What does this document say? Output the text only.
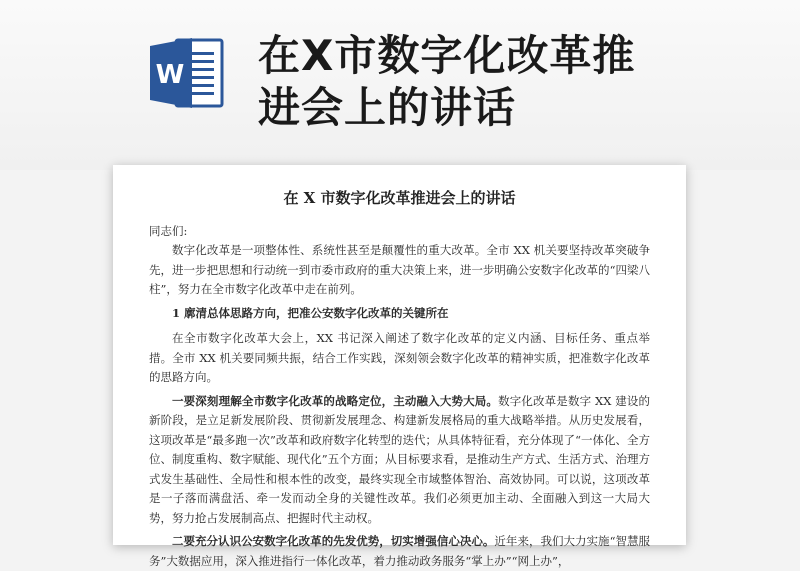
W 在X市数字化改革推进会上的讲话
在 X 市数字化改革推进会上的讲话

同志们:

数字化改革是一项整体性、系统性甚至是颠覆性的重大改革。全市 XX 机关要坚持改革突破争先，进一步把思想和行动统一到市委市政府的重大决策上来，进一步明确公安数字化改革的“四梁八柱”，努力在全市数字化改革中走在前列。

1 廓清总体思路方向，把准公安数字化改革的关键所在

在全市数字化改革大会上，XX 书记深入阐述了数字化改革的定义内涵、目标任务、重点举措。全市 XX 机关要同频共振，结合工作实践，深刻领会数字化改革的精神实质，把准数字化改革的思路方向。

一要深刻理解全市数字化改革的战略定位，主动融入大势大局。数字化改革是数字 XX 建设的新阶段，是立足新发展阶段、贯彻新发展理念、构建新发展格局的重大战略举措。从历史发展看，这项改革是“最多跑一次”改革和政府数字化转型的迭代；从具体特征看，充分体现了“一体化、全方位、制度重构、数字赋能、现代化”五个方面；从目标要求看，是推动生产方式、生活方式、治理方式发生基础性、全局性和根本性的改变，最终实现全市域整体智治、高效协同。可以说，这项改革是一子落而满盘活、牵一发而动全身的关键性改革。我们必须更加主动、全面融入到这一大局大势，努力抢占发展制高点、把握时代主动权。

二要充分认识公安数字化改革的先发优势，切实增强信心决心。近年来，我们大力实施“智慧服务”大数据应用，深入推进指行一体化改革，着力推动政务服务“掌上办”“网上办”，
